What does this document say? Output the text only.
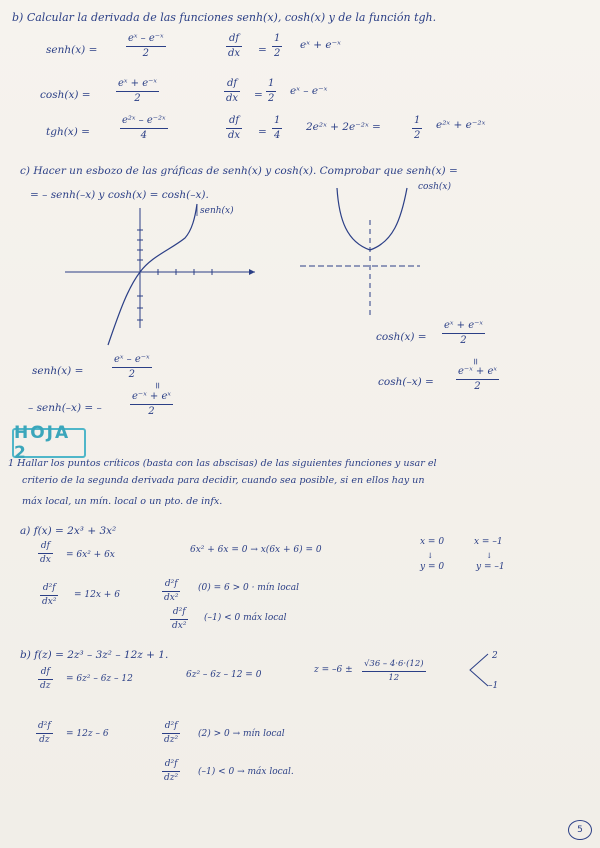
b) Calcular la derivada de las funciones senh(x), cosh(x) y de la función tgh.
senh(x) =
eˣ – e⁻ˣ
2
df
dx =
1
2
eˣ + e⁻ˣ
cosh(x) =
eˣ + e⁻ˣ
2
df
dx =
1
2
eˣ – e⁻ˣ
tgh(x) =
e²ˣ – e⁻²ˣ
4
df
dx =
1
4
2e²ˣ + 2e⁻²ˣ =
1
2
e²ˣ + e⁻²ˣ
c) Hacer un esbozo de las gráficas de senh(x) y cosh(x). Comprobar que senh(x) =
= – senh(–x) y cosh(x) = cosh(–x).
senh(x)
cosh(x)
senh(x) =
eˣ – e⁻ˣ
2
=
– senh(–x) = –
e⁻ˣ + eˣ
2
cosh(x) =
eˣ + e⁻ˣ
2
=
cosh(–x) =
e⁻ˣ + eˣ
2
HOJA 2
1 Hallar los puntos críticos (basta con las abscisas) de las siguientes funciones y usar el
criterio de la segunda derivada para decidir, cuando sea posible, si en ellos hay un
máx local, un mín. local o un pto. de infx.
a) f(x) = 2x³ + 3x²
df
dx = 6x² + 6x	6x² + 6x = 0 → x(6x + 6) = 0
x = 0
↓
y = 0
x = –1
↓
y = –1
d²f
dx²
= 12x + 6
d²f
dx²
(0) = 6 > 0 · mín local
d²f
dx²
(–1) < 0 máx local
b) f(z) = 2z³ – 3z² – 12z + 1.
df
dz
= 6z² – 6z – 12	6z² – 6z – 12 = 0	z = –6 ±
√36 – 4·6·(12)
12
2
–1
d²f
dz
= 12z – 6
d²f
dz²
(2) > 0 → mín local
d²f
dz²
(–1) < 0 → máx local.
5
